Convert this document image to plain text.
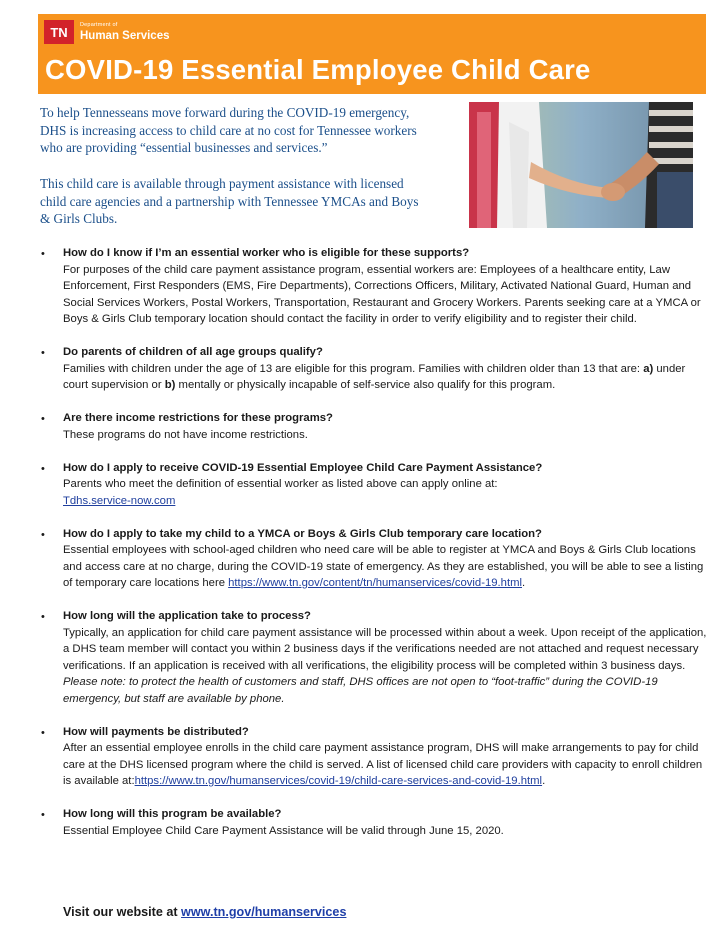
TN	Department of
Human Services
COVID-19 Essential Employee Child Care
To help Tennesseans move forward during the COVID-19 emergency, DHS is increasing access to child care at no cost for Tennessee workers who are providing “essential businesses and services.”
This child care is available through payment assistance with licensed child care agencies and a partnership with Tennessee YMCAs and Boys & Girls Clubs.
• How do I know if I’m an essential worker who is eligible for these supports?
For purposes of the child care payment assistance program, essential workers are: Employees of a healthcare entity, Law Enforcement, First Responders (EMS, Fire Departments), Corrections Officers, Military, Activated National Guard, Human and Social Services Workers, Postal Workers, Transportation, Restaurant and Grocery Workers. Parents seeking care at a YMCA or Boys & Girls Club temporary location should contact the facility in order to verify eligibility and to register their child.
• Do parents of children of all age groups qualify?
Families with children under the age of 13 are eligible for this program. Families with children older than 13 that are: a) under court supervision or b) mentally or physically incapable of self-service also qualify for this program.
• Are there income restrictions for these programs?
These programs do not have income restrictions.
• How do I apply to receive COVID-19 Essential Employee Child Care Payment Assistance?
Parents who meet the definition of essential worker as listed above can apply online at:
Tdhs.service-now.com
• How do I apply to take my child to a YMCA or Boys & Girls Club temporary care location?
Essential employees with school-aged children who need care will be able to register at YMCA and Boys & Girls Club locations and access care at no charge, during the COVID-19 state of emergency. As they are established, you will be able to see a listing of temporary care locations here https://www.tn.gov/content/tn/humanservices/covid-19.html.
• How long will the application take to process?
Typically, an application for child care payment assistance will be processed within about a week. Upon receipt of the application, a DHS team member will contact you within 2 business days if the verifications needed are not attached and request necessary verifications. If an application is received with all verifications, the eligibility process will be completed within 3 business days. Please note: to protect the health of customers and staff, DHS offices are not open to “foot-traffic” during the COVID-19 emergency, but staff are available by phone.
• How will payments be distributed?
After an essential employee enrolls in the child care payment assistance program, DHS will make arrangements to pay for child care at the DHS licensed program where the child is served. A list of licensed child care providers with capacity to enroll children is available at:https://www.tn.gov/humanservices/covid-19/child-care-services-and-covid-19.html.
• How long will this program be available?
Essential Employee Child Care Payment Assistance will be valid through June 15, 2020.
Visit our website at www.tn.gov/humanservices
